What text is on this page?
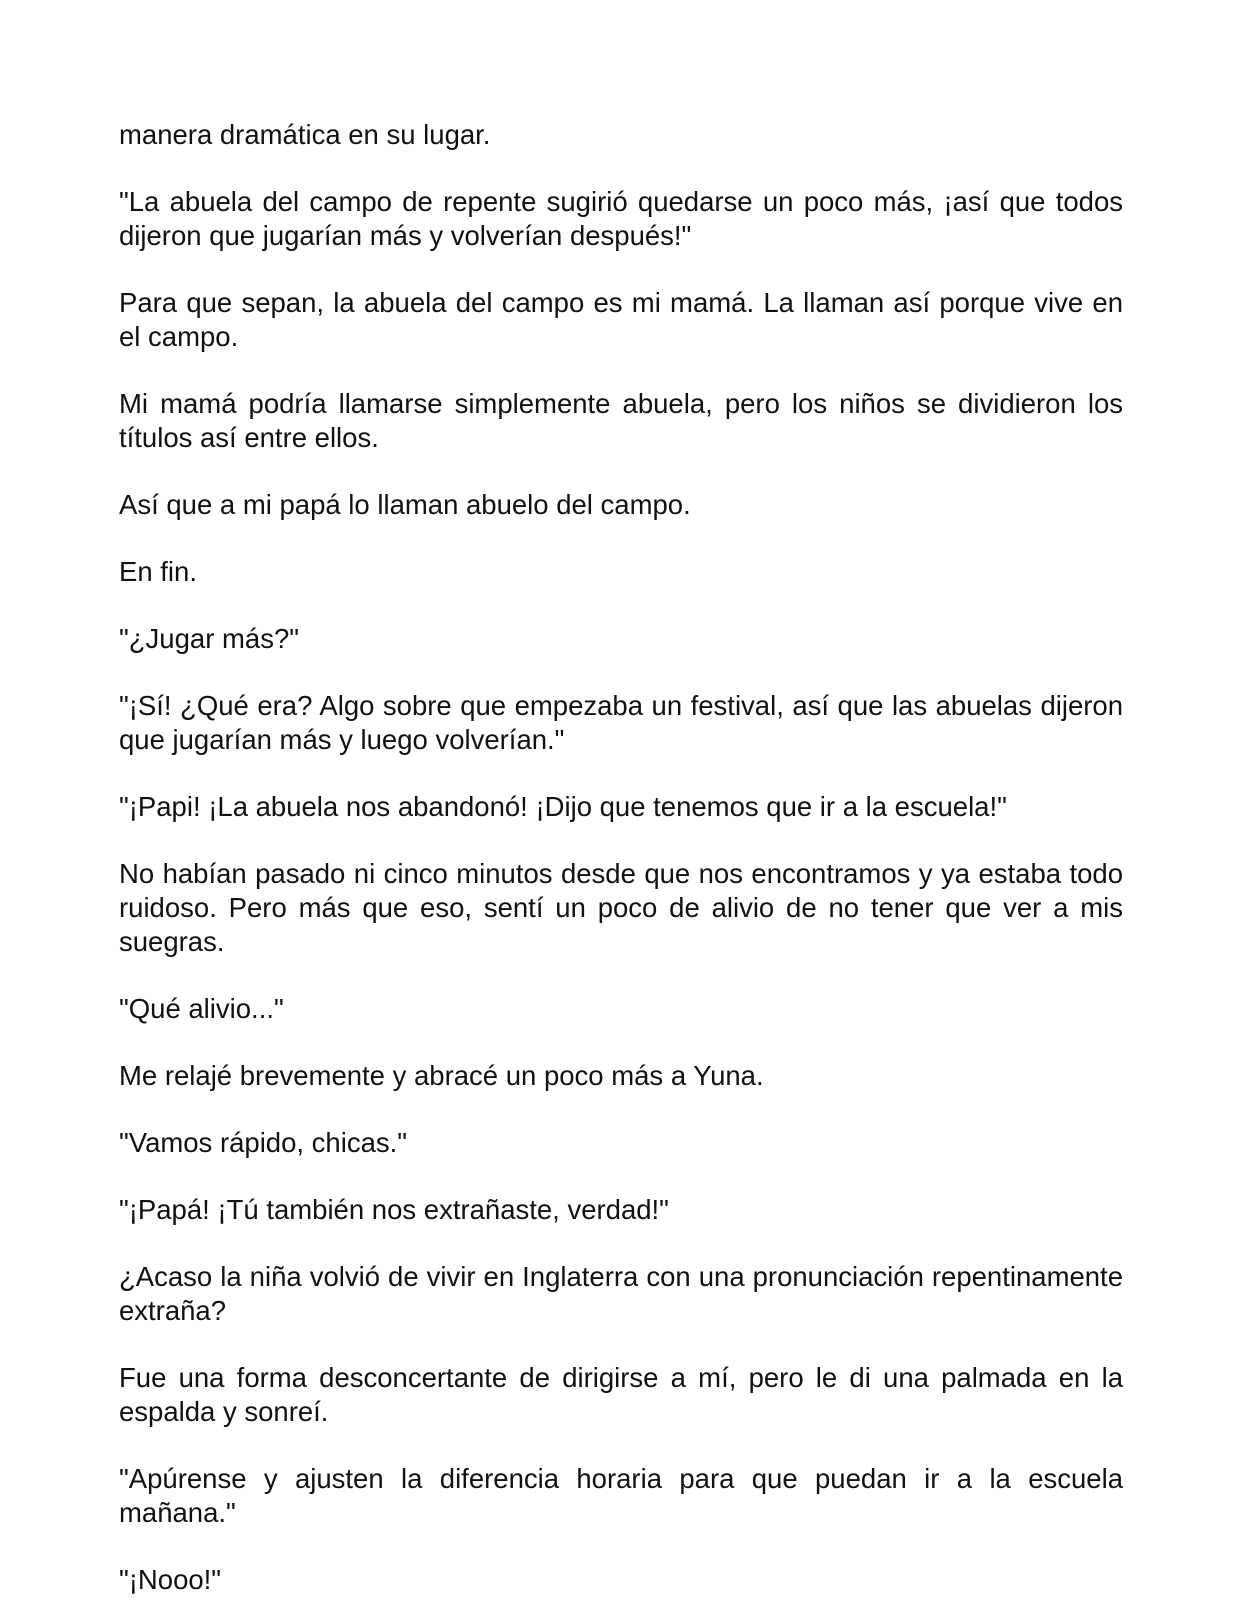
manera dramática en su lugar.

"La abuela del campo de repente sugirió quedarse un poco más, ¡así que todos dijeron que jugarían más y volverían después!"

Para que sepan, la abuela del campo es mi mamá. La llaman así porque vive en el campo.

Mi mamá podría llamarse simplemente abuela, pero los niños se dividieron los títulos así entre ellos.

Así que a mi papá lo llaman abuelo del campo.

En fin.

"¿Jugar más?"

"¡Sí! ¿Qué era? Algo sobre que empezaba un festival, así que las abuelas dijeron que jugarían más y luego volverían."

"¡Papi! ¡La abuela nos abandonó! ¡Dijo que tenemos que ir a la escuela!"

No habían pasado ni cinco minutos desde que nos encontramos y ya estaba todo ruidoso. Pero más que eso, sentí un poco de alivio de no tener que ver a mis suegras.

"Qué alivio..."

Me relajé brevemente y abracé un poco más a Yuna.

"Vamos rápido, chicas."

"¡Papá! ¡Tú también nos extrañaste, verdad!"

¿Acaso la niña volvió de vivir en Inglaterra con una pronunciación repentinamente extraña?

Fue una forma desconcertante de dirigirse a mí, pero le di una palmada en la espalda y sonreí.

"Apúrense y ajusten la diferencia horaria para que puedan ir a la escuela mañana."

"¡Nooo!"
